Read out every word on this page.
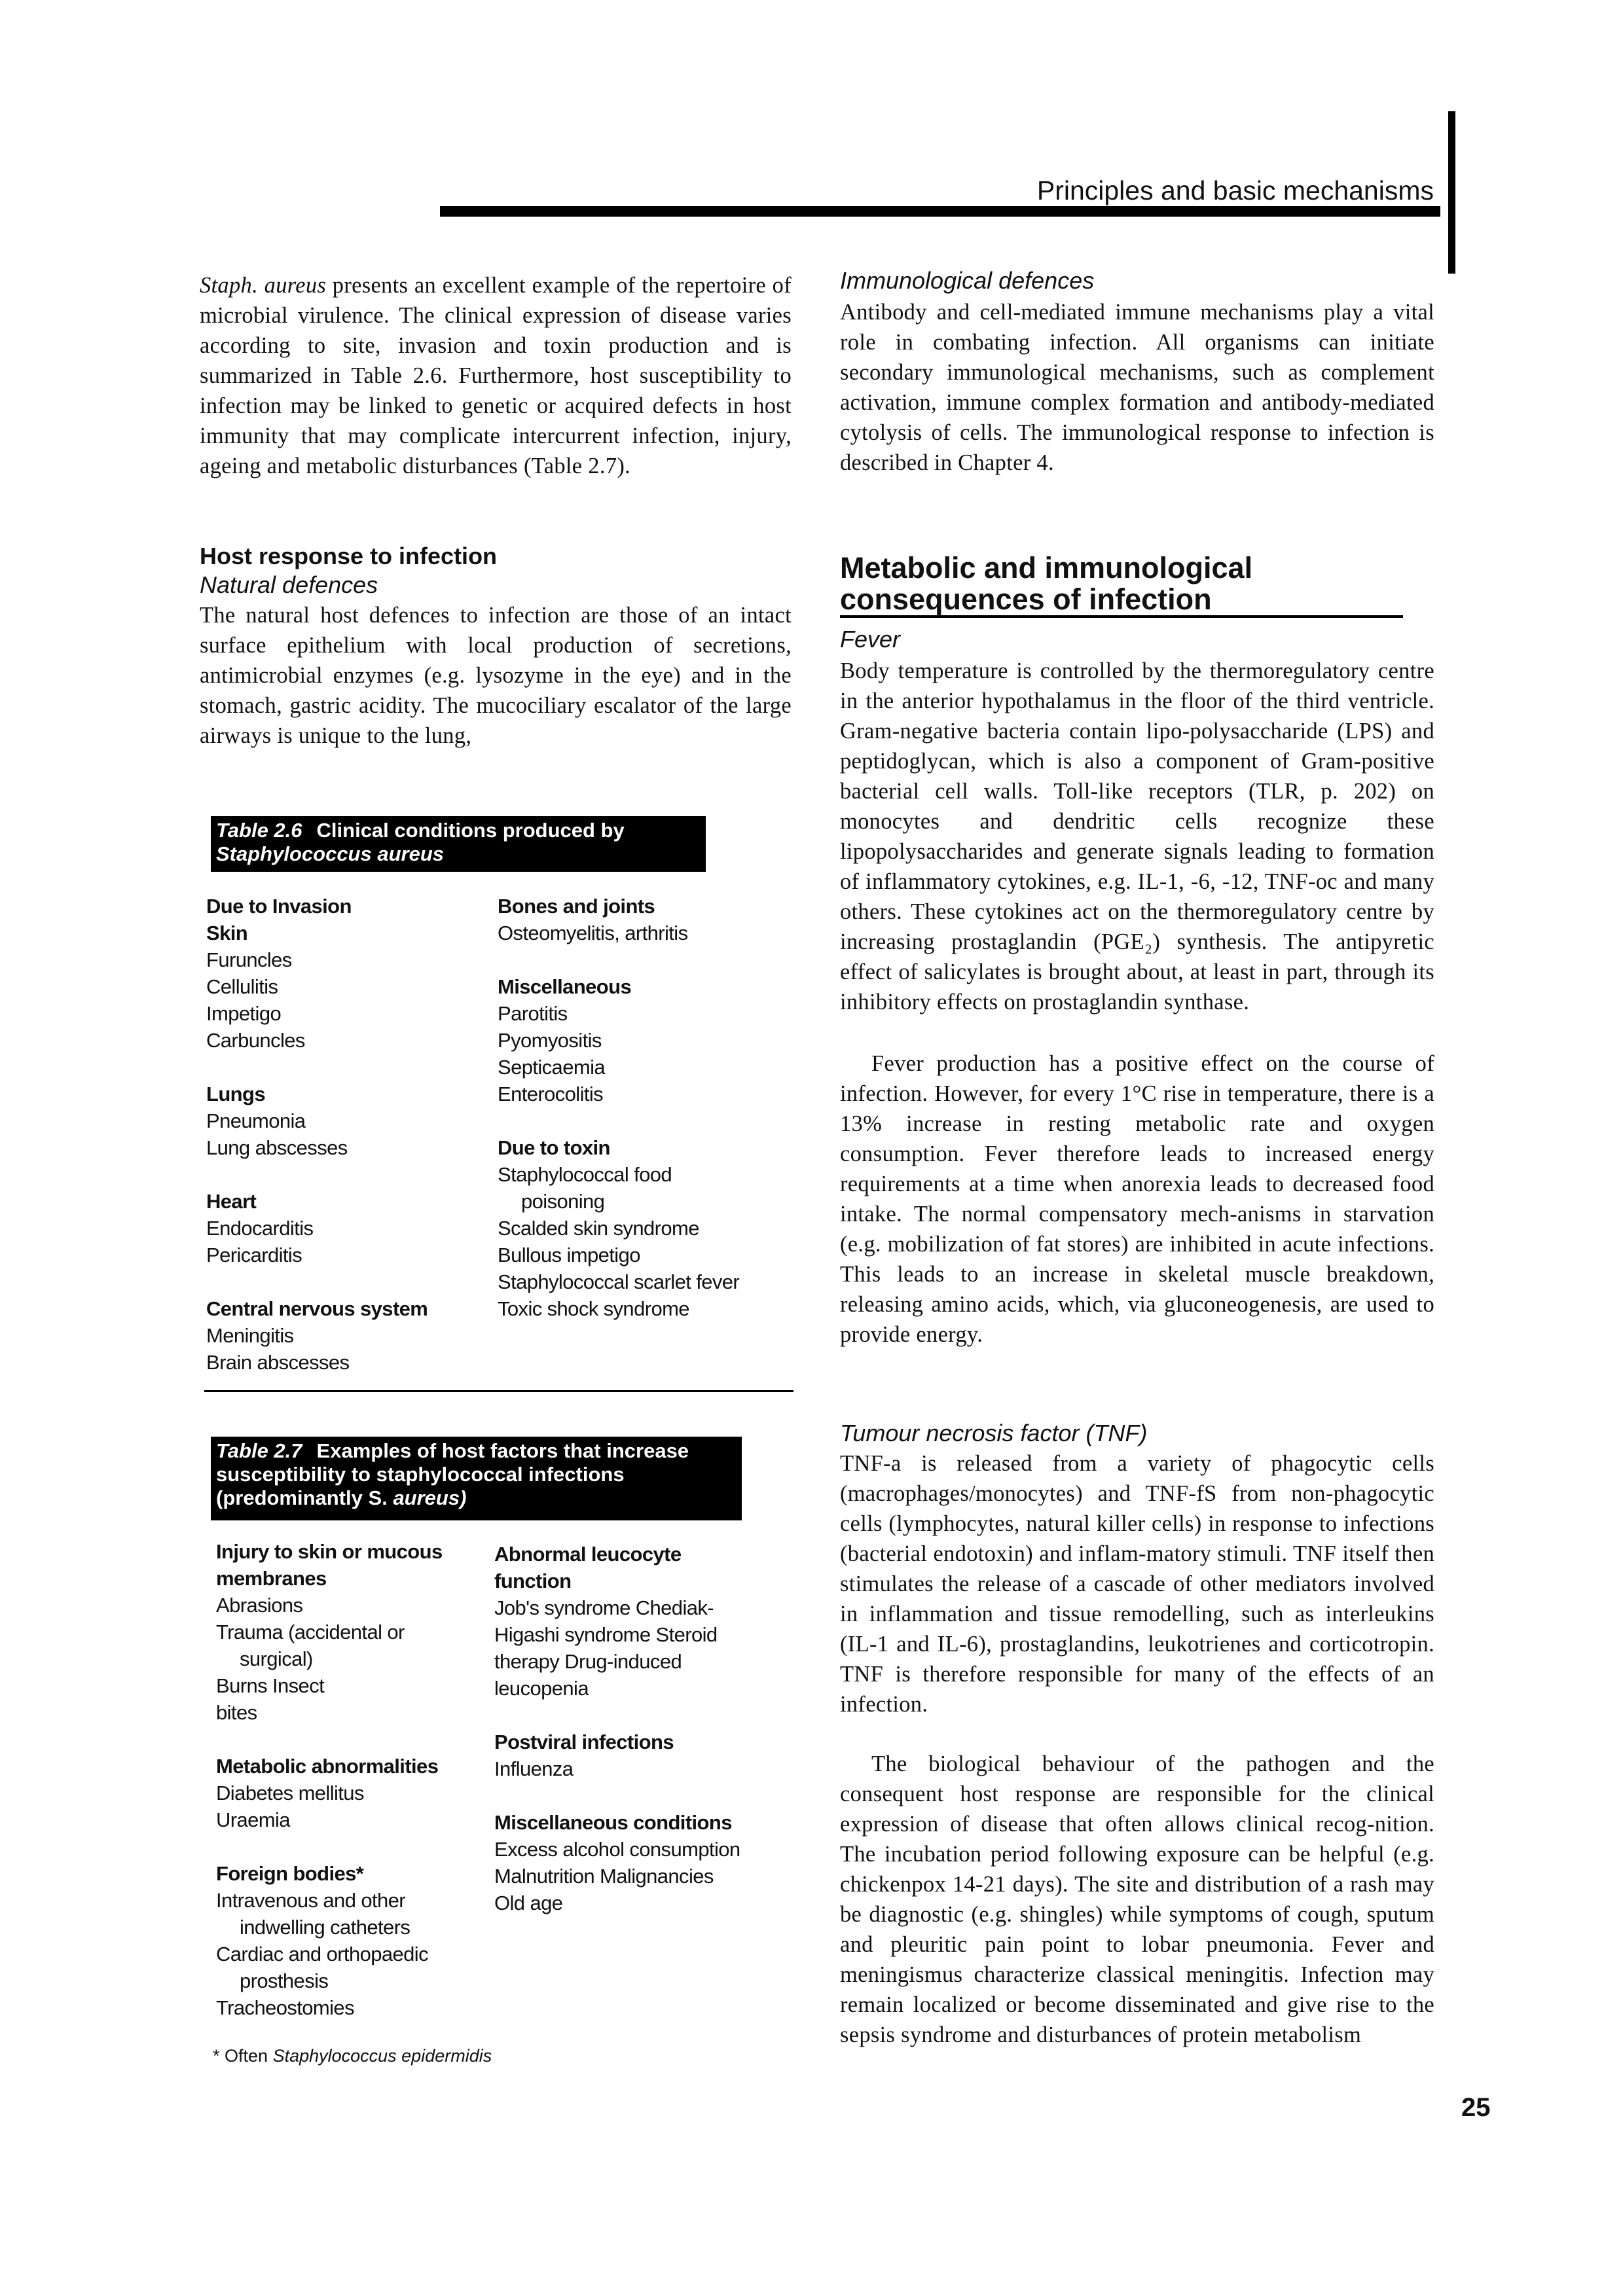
Principles and basic mechanisms

Staph. aureus presents an excellent example of the repertoire of microbial virulence. The clinical expression of disease varies according to site, invasion and toxin production and is summarized in Table 2.6. Furthermore, host susceptibility to infection may be linked to genetic or acquired defects in host immunity that may complicate intercurrent infection, injury, ageing and metabolic disturbances (Table 2.7).

Host response to infection
Natural defences

The natural host defences to infection are those of an intact surface epithelium with local production of secretions, antimicrobial enzymes (e.g. lysozyme in the eye) and in the stomach, gastric acidity. The mucociliary escalator of the large airways is unique to the lung,

Table 2.6 Clinical conditions produced by
Staphylococcus aureus
Due to Invasion
Skin
Furuncles
Cellulitis
Impetigo
Carbuncles
Lungs
Pneumonia
Lung abscesses
Heart
Endocarditis
Pericarditis
Central nervous system
Meningitis
Brain abscesses
Bones and joints
Osteomyelitis, arthritis
Miscellaneous
Parotitis
Pyomyositis
Septicaemia
Enterocolitis
Due to toxin
Staphylococcal food
poisoning
Scalded skin syndrome
Bullous impetigo
Staphylococcal scarlet fever
Toxic shock syndrome
Table 2.7 Examples of host factors that increase
susceptibility to staphylococcal infections
(predominantly S. aureus)
Injury to skin or mucous
membranes
Abrasions
Trauma (accidental or
surgical)
Burns Insect
bites
Metabolic abnormalities
Diabetes mellitus
Uraemia
Foreign bodies*
Intravenous and other
indwelling catheters
Cardiac and orthopaedic
prosthesis
Tracheostomies
Abnormal leucocyte
function
Job's syndrome Chediak-
Higashi syndrome Steroid
therapy Drug-induced
leucopenia
Postviral infections
Influenza
Miscellaneous conditions
Excess alcohol consumption
Malnutrition Malignancies
Old age
* Often Staphylococcus epidermidis
Immunological defences

Antibody and cell-mediated immune mechanisms play a vital role in combating infection. All organisms can initiate secondary immunological mechanisms, such as complement activation, immune complex formation and antibody-mediated cytolysis of cells. The immunological response to infection is described in Chapter 4.

Metabolic and immunological
consequences of infection
Fever

Body temperature is controlled by the thermoregulatory centre in the anterior hypothalamus in the floor of the third ventricle. Gram-negative bacteria contain lipo-polysaccharide (LPS) and peptidoglycan, which is also a component of Gram-positive bacterial cell walls. Toll-like receptors (TLR, p. 202) on monocytes and dendritic cells recognize these lipopolysaccharides and generate signals leading to formation of inflammatory cytokines, e.g. IL-1, -6, -12, TNF-oc and many others. These cytokines act on the thermoregulatory centre by increasing prostaglandin (PGE₂) synthesis. The antipyretic effect of salicylates is brought about, at least in part, through its inhibitory effects on prostaglandin synthase.

Fever production has a positive effect on the course of infection. However, for every 1°C rise in temperature, there is a 13% increase in resting metabolic rate and oxygen consumption. Fever therefore leads to increased energy requirements at a time when anorexia leads to decreased food intake. The normal compensatory mech-anisms in starvation (e.g. mobilization of fat stores) are inhibited in acute infections. This leads to an increase in skeletal muscle breakdown, releasing amino acids, which, via gluconeogenesis, are used to provide energy.

Tumour necrosis factor (TNF)

TNF-a is released from a variety of phagocytic cells (macrophages/monocytes) and TNF-fS from non-phagocytic cells (lymphocytes, natural killer cells) in response to infections (bacterial endotoxin) and inflam-matory stimuli. TNF itself then stimulates the release of a cascade of other mediators involved in inflammation and tissue remodelling, such as interleukins (IL-1 and IL-6), prostaglandins, leukotrienes and corticotropin. TNF is therefore responsible for many of the effects of an infection.

The biological behaviour of the pathogen and the consequent host response are responsible for the clinical expression of disease that often allows clinical recog-nition. The incubation period following exposure can be helpful (e.g. chickenpox 14-21 days). The site and distribution of a rash may be diagnostic (e.g. shingles) while symptoms of cough, sputum and pleuritic pain point to lobar pneumonia. Fever and meningismus characterize classical meningitis. Infection may remain localized or become disseminated and give rise to the sepsis syndrome and disturbances of protein metabolism

25
